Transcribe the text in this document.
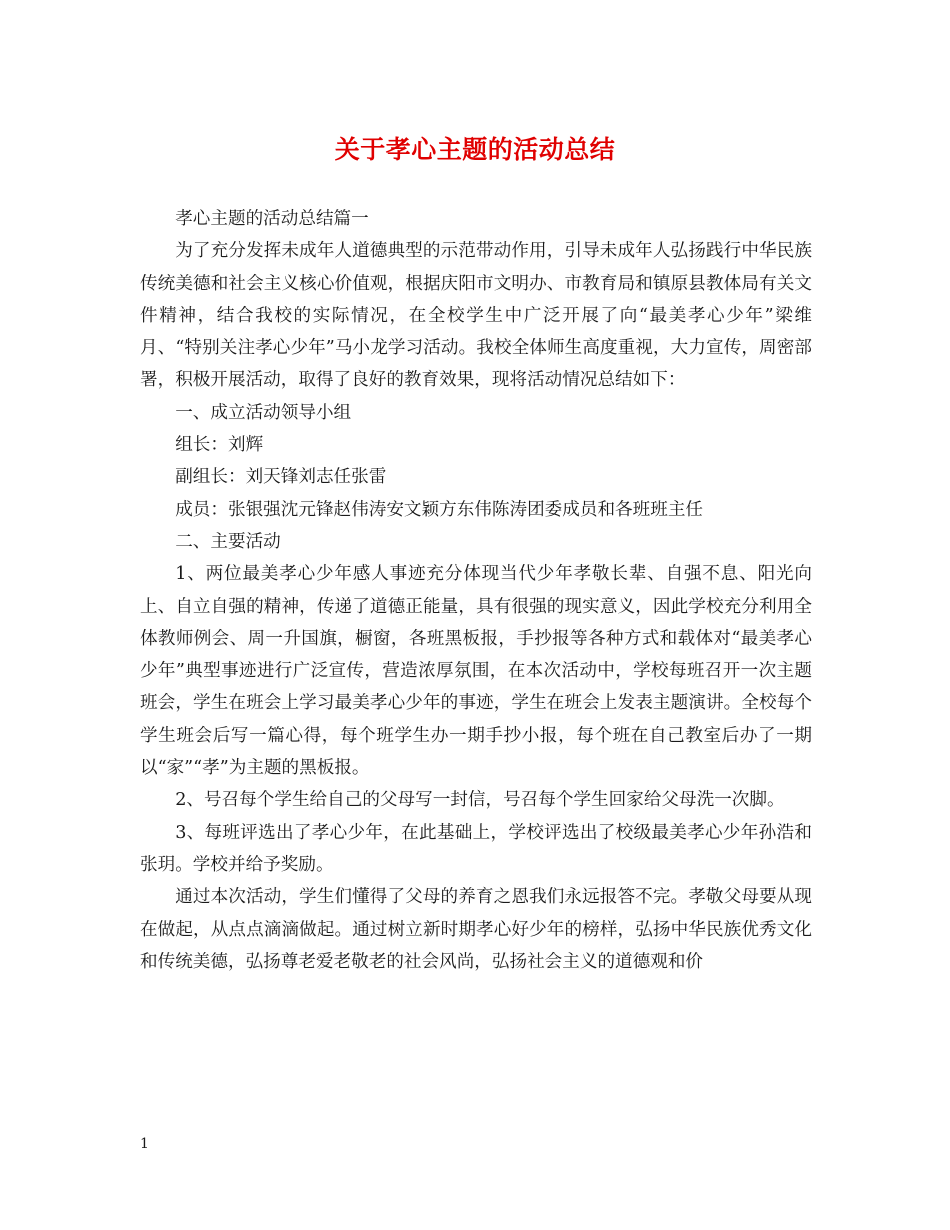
关于孝心主题的活动总结

孝心主题的活动总结篇一

为了充分发挥未成年人道德典型的示范带动作用，引导未成年人弘扬践行中华民族传统美德和社会主义核心价值观，根据庆阳市文明办、市教育局和镇原县教体局有关文件精神，结合我校的实际情况，在全校学生中广泛开展了向“最美孝心少年”梁维月、“特别关注孝心少年”马小龙学习活动。我校全体师生高度重视，大力宣传，周密部署，积极开展活动，取得了良好的教育效果，现将活动情况总结如下：

一、成立活动领导小组

组长：刘辉

副组长：刘天锋刘志任张雷

成员：张银强沈元锋赵伟涛安文颖方东伟陈涛团委成员和各班班主任

二、主要活动

1、两位最美孝心少年感人事迹充分体现当代少年孝敬长辈、自强不息、阳光向上、自立自强的精神，传递了道德正能量，具有很强的现实意义，因此学校充分利用全体教师例会、周一升国旗，橱窗，各班黑板报，手抄报等各种方式和载体对“最美孝心少年”典型事迹进行广泛宣传，营造浓厚氛围，在本次活动中，学校每班召开一次主题班会，学生在班会上学习最美孝心少年的事迹，学生在班会上发表主题演讲。全校每个学生班会后写一篇心得，每个班学生办一期手抄小报，每个班在自己教室后办了一期以“家”“孝”为主题的黑板报。

2、号召每个学生给自己的父母写一封信，号召每个学生回家给父母洗一次脚。

3、每班评选出了孝心少年，在此基础上，学校评选出了校级最美孝心少年孙浩和张玥。学校并给予奖励。

通过本次活动，学生们懂得了父母的养育之恩我们永远报答不完。孝敬父母要从现在做起，从点点滴滴做起。通过树立新时期孝心好少年的榜样，弘扬中华民族优秀文化和传统美德，弘扬尊老爱老敬老的社会风尚，弘扬社会主义的道德观和价

1
